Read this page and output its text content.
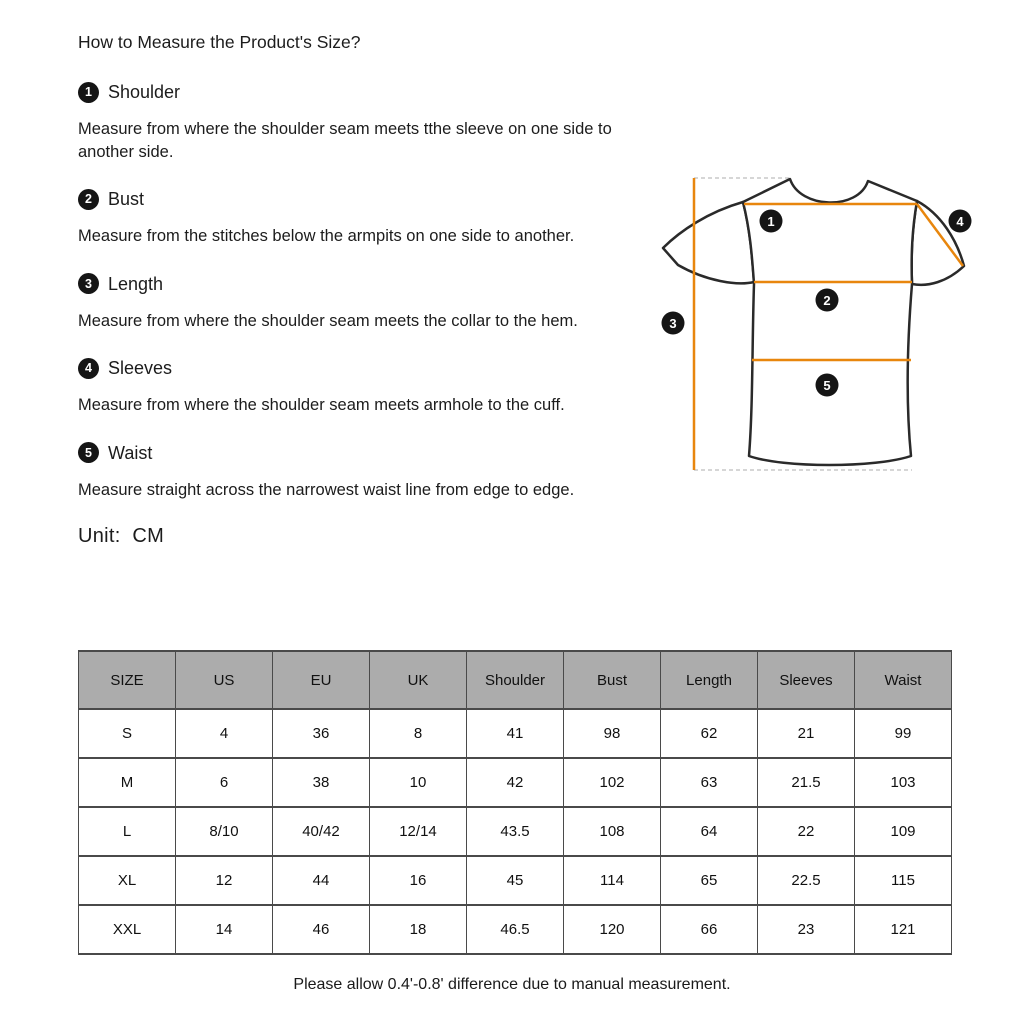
How to Measure the Product's Size?
1 Shoulder

Measure from where the shoulder seam meets tthe sleeve on one side to another side.

2 Bust

Measure from the stitches below the armpits on one side to another.

3 Length

Measure from where the shoulder seam meets the collar to the hem.

4 Sleeves

Measure from where the shoulder seam meets armhole to the cuff.

5 Waist

Measure straight across the narrowest waist line from edge to edge.

Unit:  CM
1
2
3
4
5
SIZE	US	EU	UK	Shoulder	Bust	Length	Sleeves	Waist
S	4	36	8	41	98	62	21	99
M	6	38	10	42	102	63	21.5	103
L	8/10	40/42	12/14	43.5	108	64	22	109
XL	12	44	16	45	114	65	22.5	115
XXL	14	46	18	46.5	120	66	23	121
Please allow 0.4'-0.8' difference due to manual measurement.
